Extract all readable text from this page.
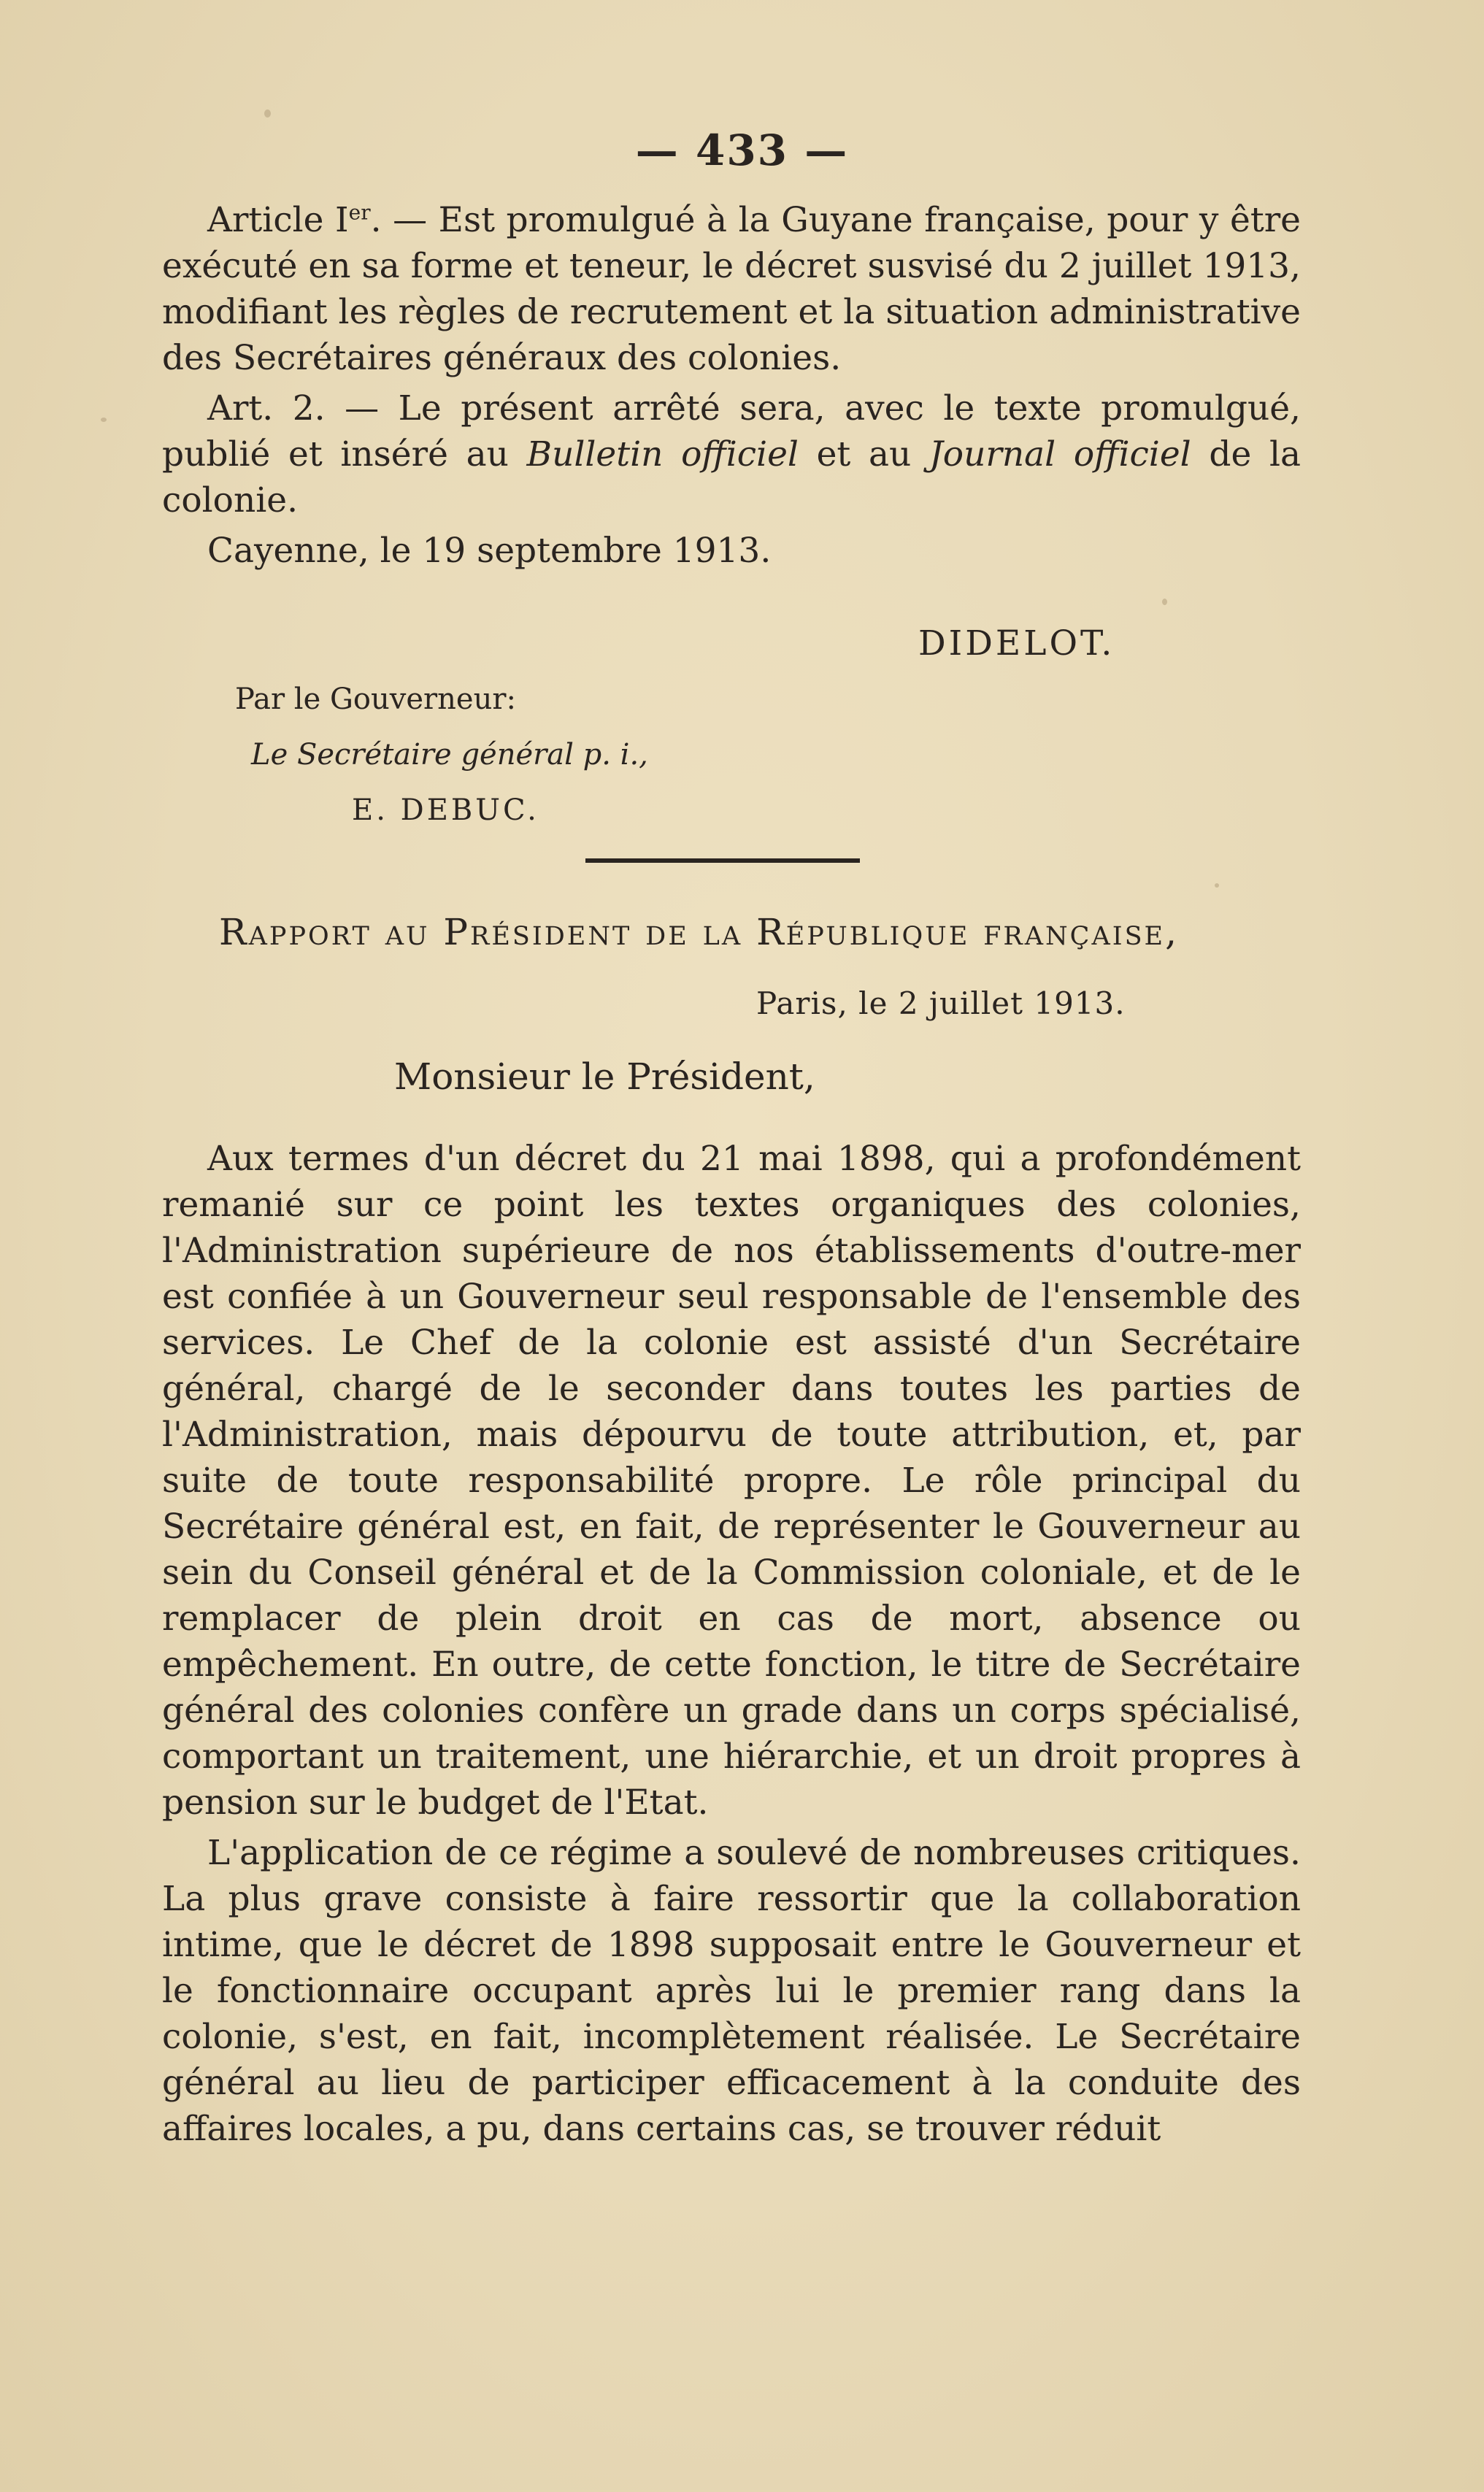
— 433 —

Article Ier. — Est promulgué à la Guyane française, pour y être exécuté en sa forme et teneur, le décret susvisé du 2 juillet 1913, modifiant les règles de recrutement et la situation administrative des Secrétaires généraux des colonies.

Art. 2. — Le présent arrêté sera, avec le texte promulgué, publié et inséré au Bulletin officiel et au Journal officiel de la colonie.

Cayenne, le 19 septembre 1913.

DIDELOT.
Par le Gouverneur:
Le Secrétaire général p. i.,
E. DEBUC.
Rapport au Président de la République française,
Paris, le 2 juillet 1913.
Monsieur le Président,

Aux termes d'un décret du 21 mai 1898, qui a profondément remanié sur ce point les textes organiques des colonies, l'Administration supérieure de nos établissements d'outre-mer est confiée à un Gouverneur seul responsable de l'ensemble des services. Le Chef de la colonie est assisté d'un Secrétaire général, chargé de le seconder dans toutes les parties de l'Administration, mais dépourvu de toute attribution, et, par suite de toute responsabilité propre. Le rôle principal du Secrétaire général est, en fait, de représenter le Gouverneur au sein du Conseil général et de la Commission coloniale, et de le remplacer de plein droit en cas de mort, absence ou empêchement. En outre, de cette fonction, le titre de Secrétaire général des colonies confère un grade dans un corps spécialisé, comportant un traitement, une hiérarchie, et un droit propres à pension sur le budget de l'Etat.

L'application de ce régime a soulevé de nombreuses critiques. La plus grave consiste à faire ressortir que la collaboration intime, que le décret de 1898 supposait entre le Gouverneur et le fonctionnaire occupant après lui le premier rang dans la colonie, s'est, en fait, incomplètement réalisée. Le Secrétaire général au lieu de participer efficacement à la conduite des affaires locales, a pu, dans certains cas, se trouver réduit
